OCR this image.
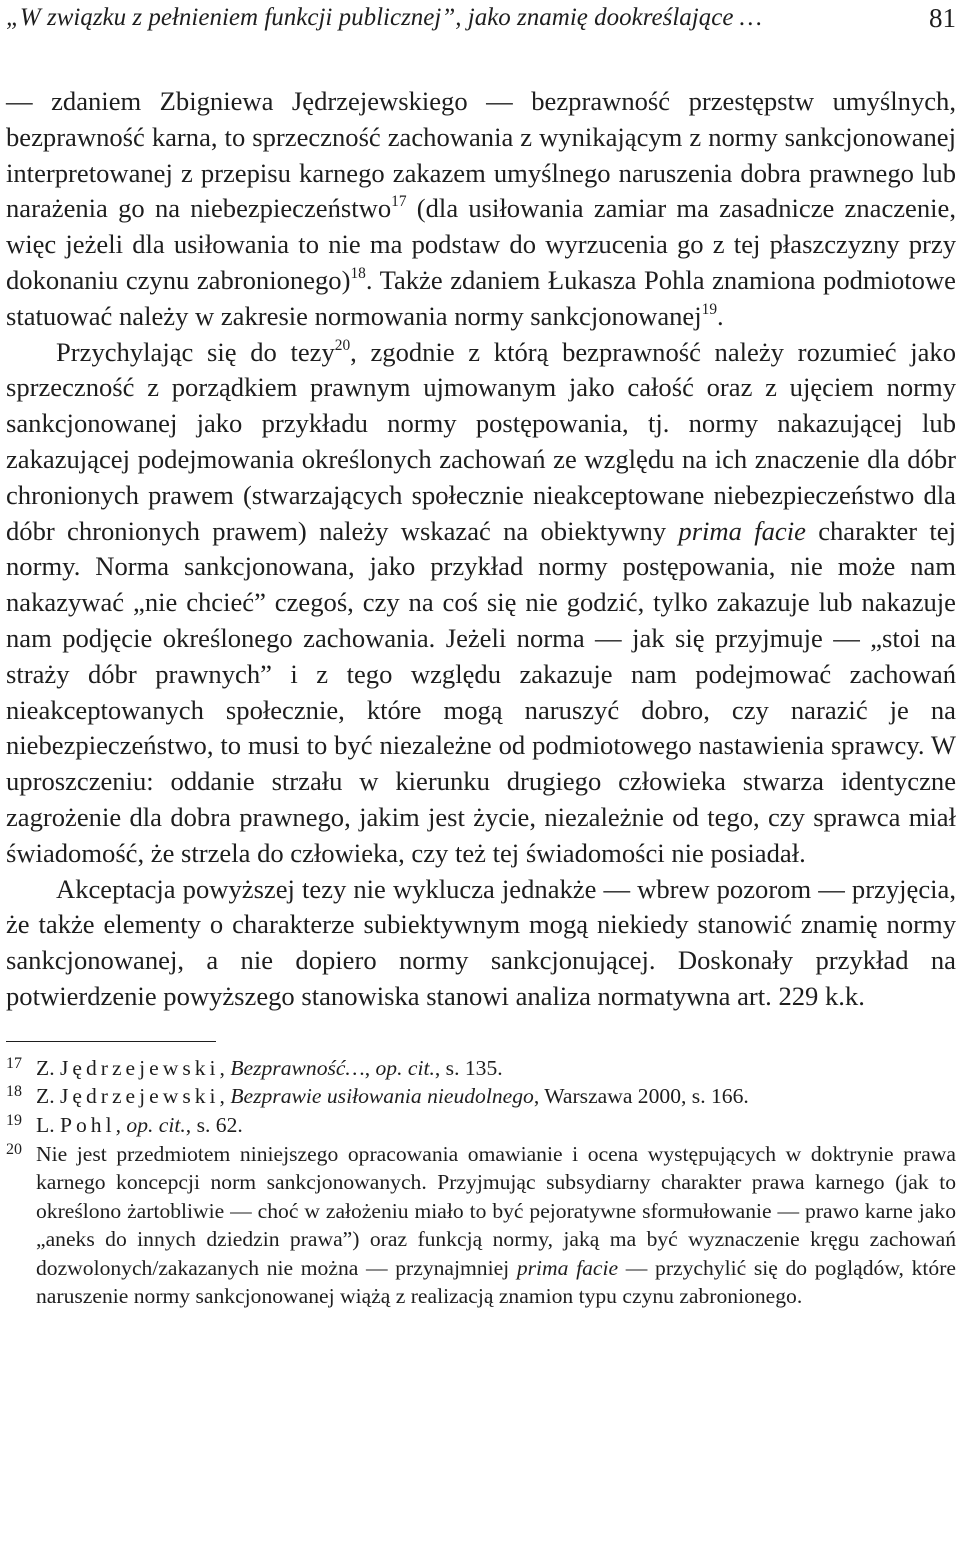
„W związku z pełnieniem funkcji publicznej”, jako znamię dookreślające …	81

— zdaniem Zbigniewa Jędrzejewskiego — bezprawność przestępstw umyślnych, bezprawność karna, to sprzeczność zachowania z wynikającym z normy sankcjonowanej interpretowanej z przepisu karnego zakazem umyślnego naruszenia dobra prawnego lub narażenia go na niebezpieczeństwo$^{17}$ (dla usiłowania zamiar ma zasadnicze znaczenie, więc jeżeli dla usiłowania to nie ma podstaw do wyrzucenia go z tej płaszczyzny przy dokonaniu czynu zabronionego)$^{18}$. Także zdaniem Łukasza Pohla znamiona podmiotowe statuować należy w zakresie normowania normy sankcjonowanej$^{19}$.

Przychylając się do tezy$^{20}$, zgodnie z którą bezprawność należy rozumieć jako sprzeczność z porządkiem prawnym ujmowanym jako całość oraz z ujęciem normy sankcjonowanej jako przykładu normy postępowania, tj. normy nakazującej lub zakazującej podejmowania określonych zachowań ze względu na ich znaczenie dla dóbr chronionych prawem (stwarzających społecznie nieakceptowane niebezpieczeństwo dla dóbr chronionych prawem) należy wskazać na obiektywny prima facie charakter tej normy. Norma sankcjonowana, jako przykład normy postępowania, nie może nam nakazywać „nie chcieć” czegoś, czy na coś się nie godzić, tylko zakazuje lub nakazuje nam podjęcie określonego zachowania. Jeżeli norma — jak się przyjmuje — „stoi na straży dóbr prawnych” i z tego względu zakazuje nam podejmować zachowań nieakceptowanych społecznie, które mogą naruszyć dobro, czy narazić je na niebezpieczeństwo, to musi to być niezależne od podmiotowego nastawienia sprawcy. W uproszczeniu: oddanie strzału w kierunku drugiego człowieka stwarza identyczne zagrożenie dla dobra prawnego, jakim jest życie, niezależnie od tego, czy sprawca miał świadomość, że strzela do człowieka, czy też tej świadomości nie posiadał.

Akceptacja powyższej tezy nie wyklucza jednakże — wbrew pozorom — przyjęcia, że także elementy o charakterze subiektywnym mogą niekiedy stanowić znamię normy sankcjonowanej, a nie dopiero normy sankcjonującej. Doskonały przykład na potwierdzenie powyższego stanowiska stanowi analiza normatywna art. 229 k.k.

17 Z. Jędrzejewski, Bezprawność…, op. cit., s. 135.
18 Z. Jędrzejewski, Bezprawie usiłowania nieudolnego, Warszawa 2000, s. 166.
19 L. Pohl, op. cit., s. 62.
20 Nie jest przedmiotem niniejszego opracowania omawianie i ocena występujących w doktrynie prawa karnego koncepcji norm sankcjonowanych. Przyjmując subsydiarny charakter prawa karnego (jak to określono żartobliwie — choć w założeniu miało to być pejoratywne sformułowanie — prawo karne jako „aneks do innych dziedzin prawa”) oraz funkcją normy, jaką ma być wyznaczenie kręgu zachowań dozwolonych/zakazanych nie można — przynajmniej prima facie — przychylić się do poglądów, które naruszenie normy sankcjonowanej wiążą z realizacją znamion typu czynu zabronionego.
